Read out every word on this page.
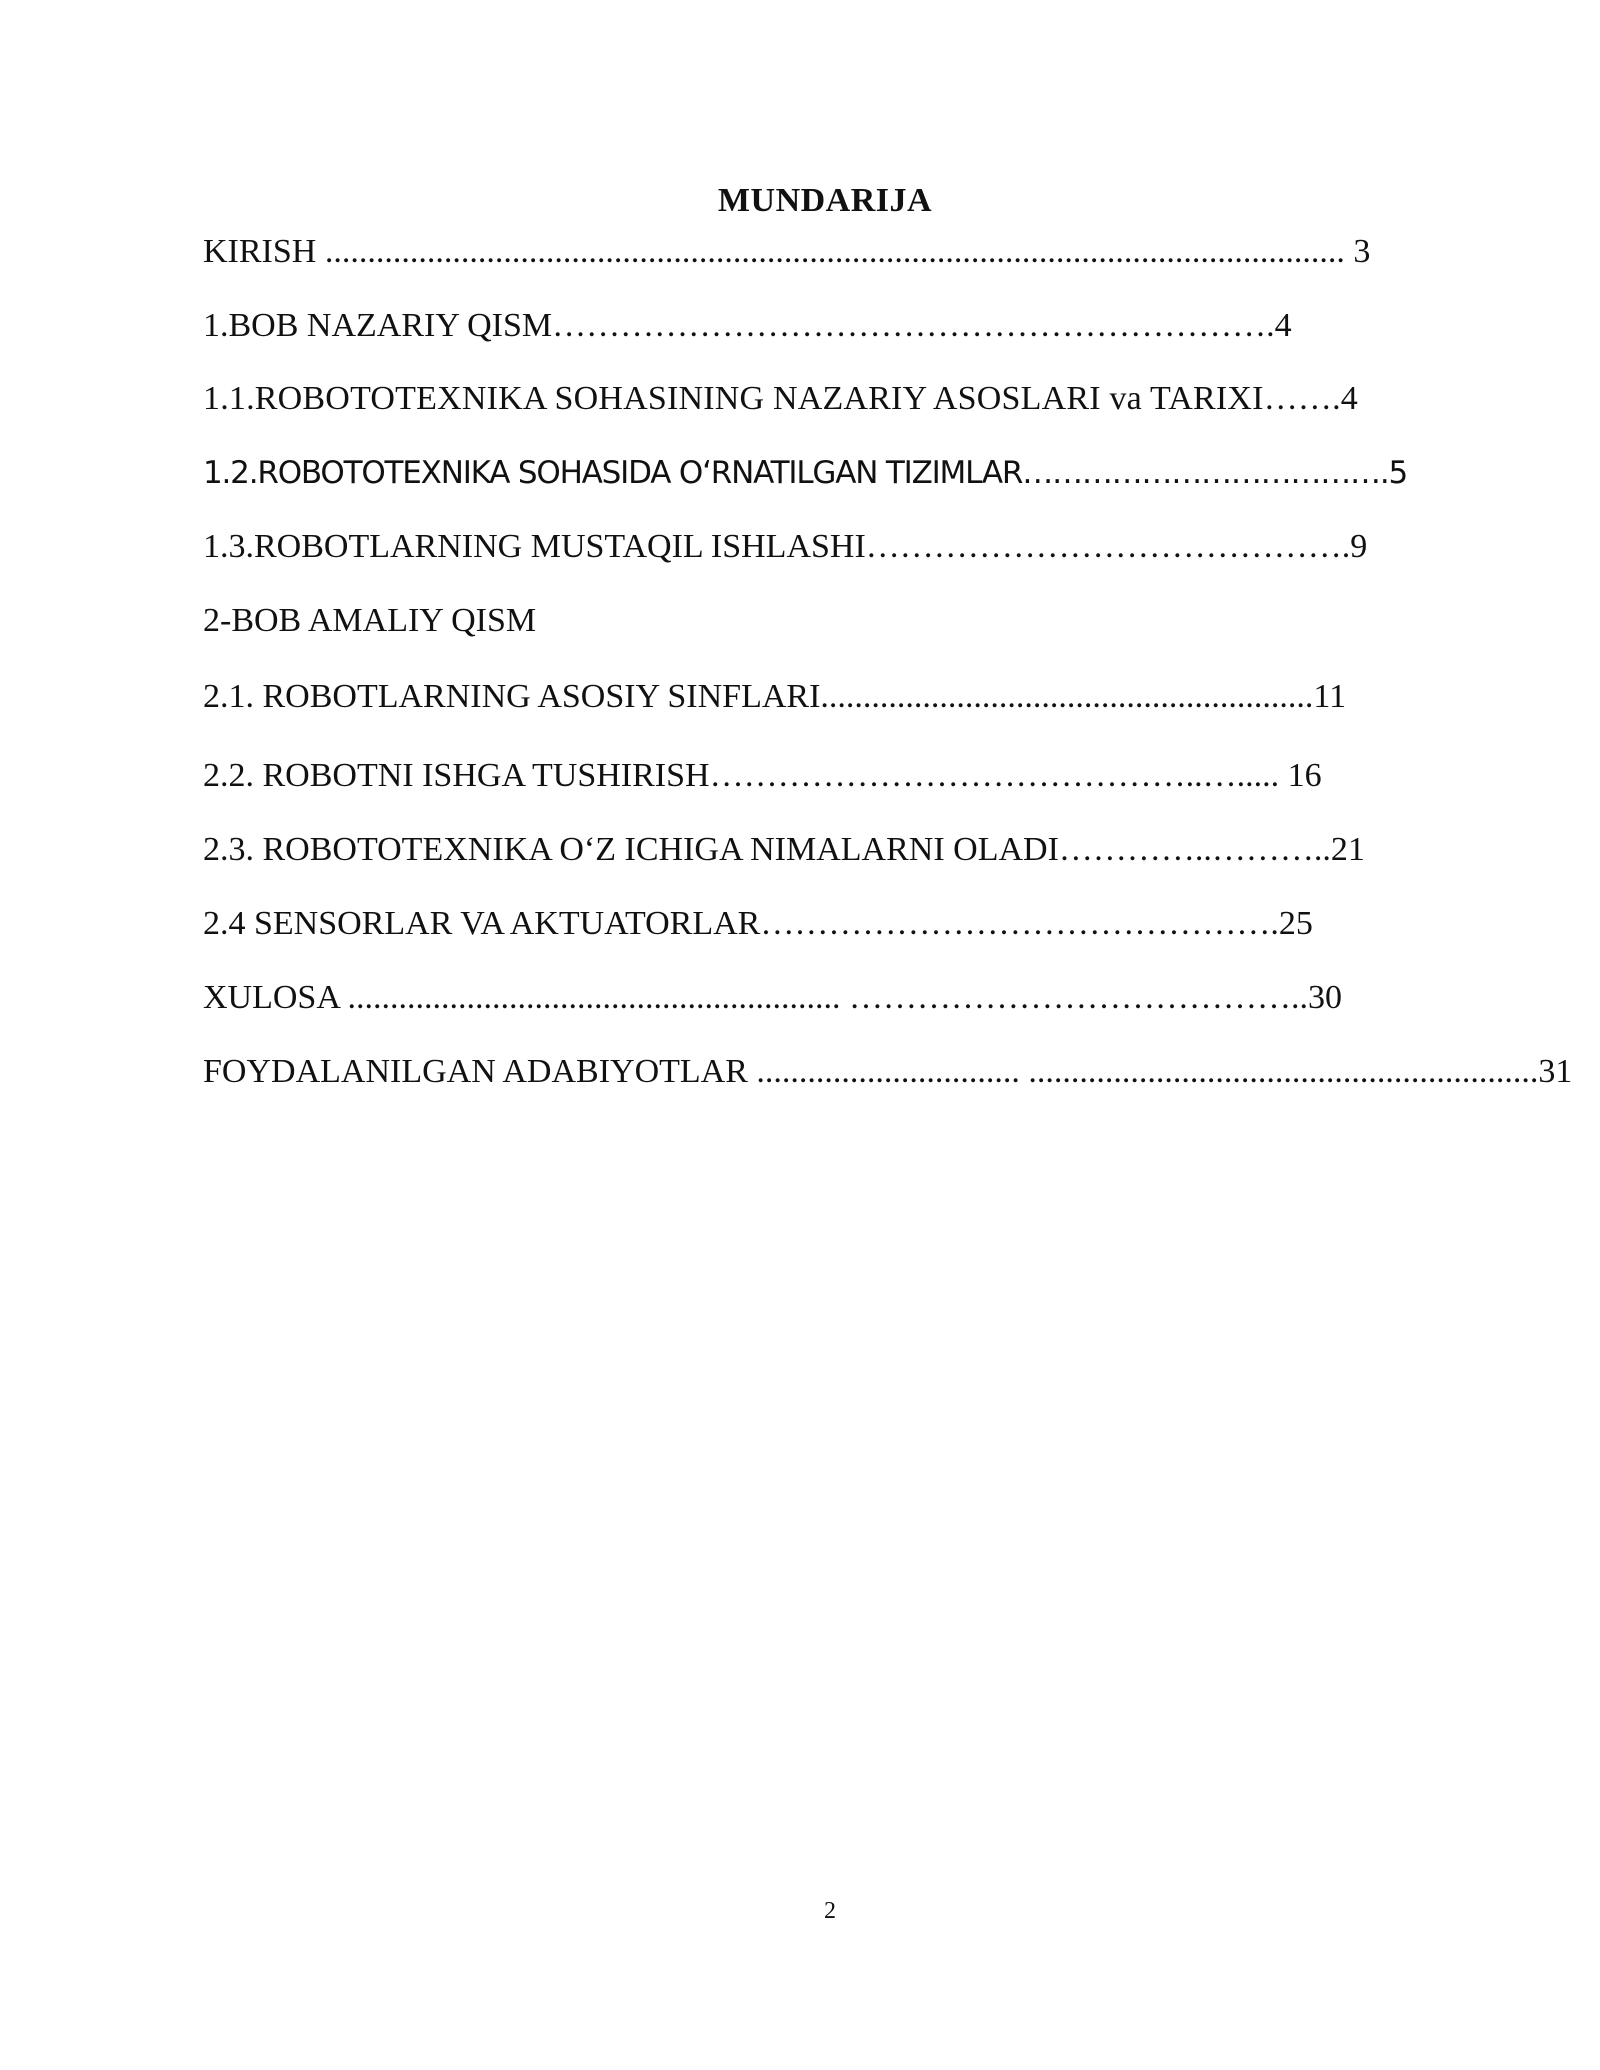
MUNDARIJA
KIRISH ........................................................................................................................ 3
1.BOB NAZARIY QISM……………………………………………………….4
1.1.ROBOTOTEXNIKA SOHASINING NAZARIY ASOSLARI va TARIXI…….4
1.2.ROBOTOTEXNIKA SOHASIDA O‘RNATILGAN TIZIMLAR……………………………….5
1.3.ROBOTLARNING MUSTAQIL ISHLASHI…………………………………….9
2-BOB AMALIY QISM
2.1. ROBOTLARNING ASOSIY SINFLARI..........................................................11
2.2. ROBOTNI ISHGA TUSHIRISH……………………………………..…..... 16
2.3. ROBOTOTEXNIKA O‘Z ICHIGA NIMALARNI OLADI…………..………..21
2.4 SENSORLAR VA AKTUATORLAR……………………………………….25
XULOSA .......................................................... …………………………………..30
FOYDALANILGAN ADABIYOTLAR ............................... ............................................................31
2
